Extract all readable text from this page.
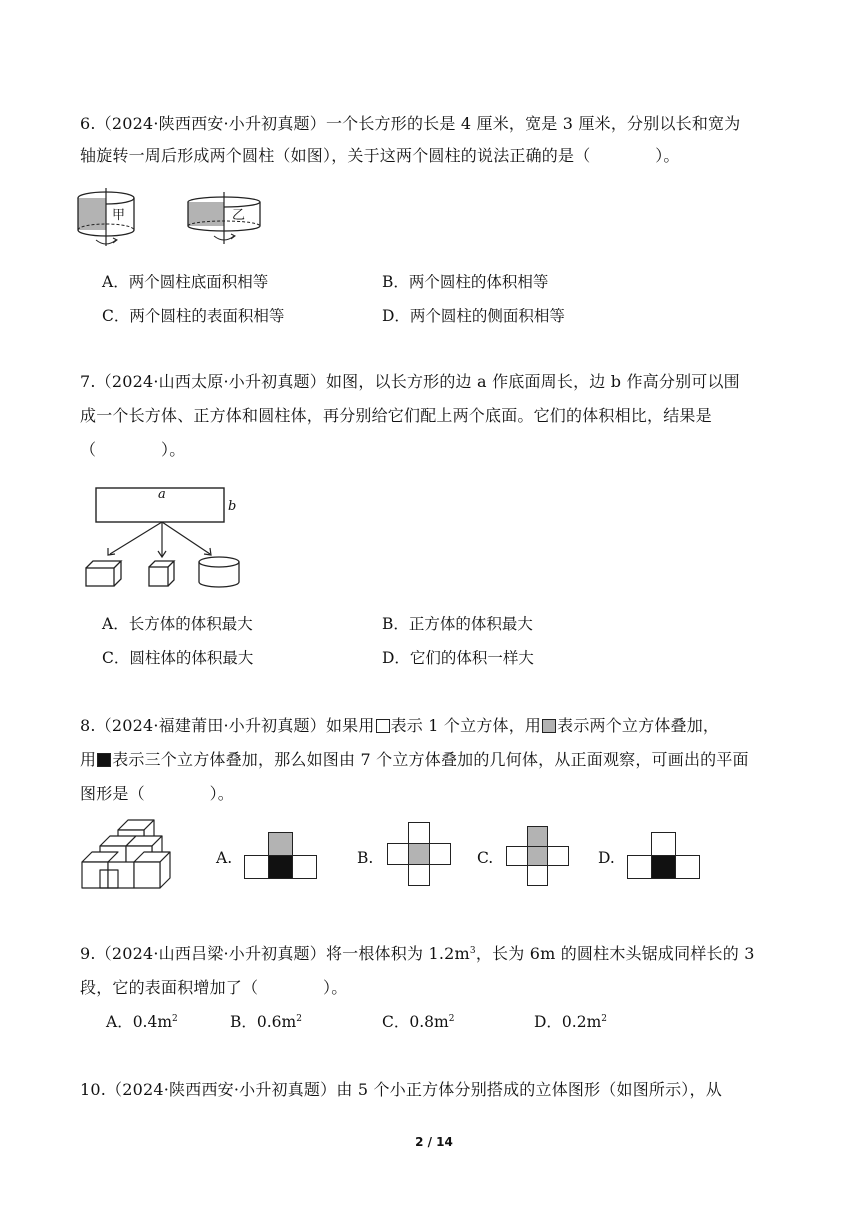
6.（2024·陕西西安·小升初真题）一个长方形的长是 4 厘米，宽是 3 厘米，分别以长和宽为
轴旋转一周后形成两个圆柱（如图），关于这两个圆柱的说法正确的是（　　　　）。
甲	乙
A．两个圆柱底面积相等	B．两个圆柱的体积相等
C．两个圆柱的表面积相等	D．两个圆柱的侧面积相等
7.（2024·山西太原·小升初真题）如图，以长方形的边 a 作底面周长，边 b 作高分别可以围
成一个长方体、正方体和圆柱体，再分别给它们配上两个底面。它们的体积相比，结果是
（　　　　）。
a
b
A．长方体的体积最大	B．正方体的体积最大
C．圆柱体的体积最大	D．它们的体积一样大
8.（2024·福建莆田·小升初真题）如果用 表示 1 个立方体，用 表示两个立方体叠加，
用 表示三个立方体叠加，那么如图由 7 个立方体叠加的几何体，从正面观察，可画出的平面
图形是（　　　　）。
A.	B.	C.	D.
9.（2024·山西吕梁·小升初真题）将一根体积为 $1.2m^3$，长为 6m 的圆柱木头锯成同样长的 3
段，它的表面积增加了（　　　　）。
A．$0.4m^2$	B．$0.6m^2$	C．$0.8m^2$	D．$0.2m^2$
10.（2024·陕西西安·小升初真题）由 5 个小正方体分别搭成的立体图形（如图所示），从
2 / 14
